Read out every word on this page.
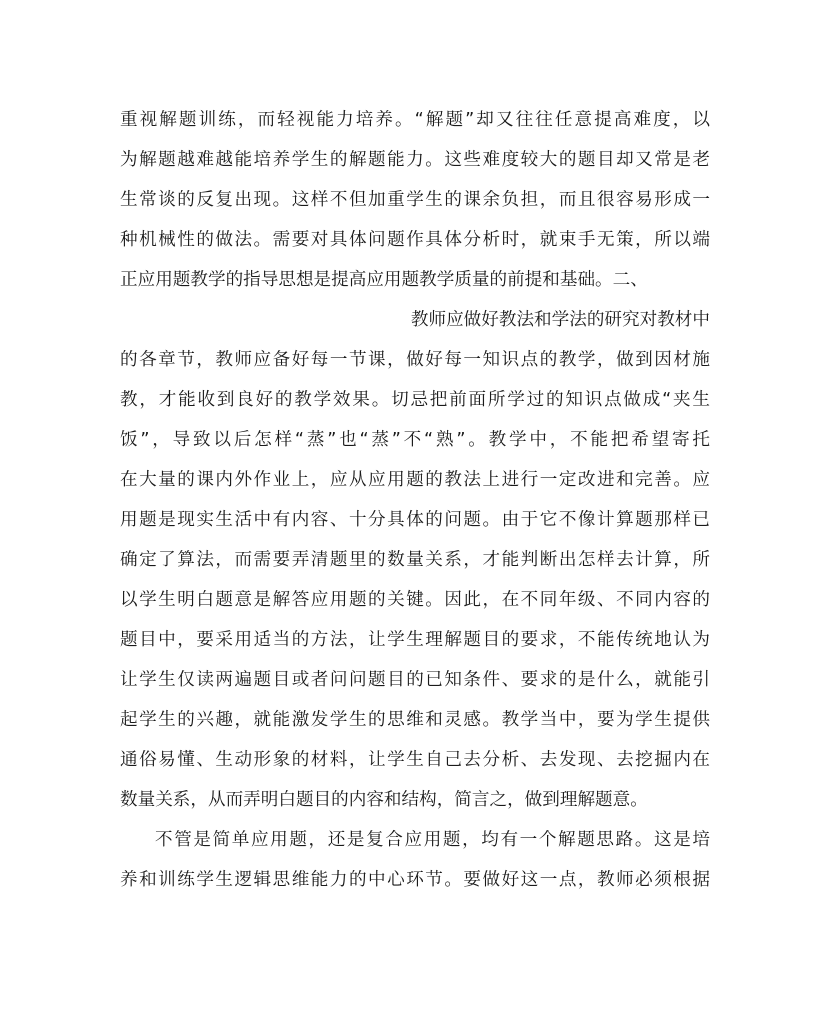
重视解题训练，而轻视能力培养。“解题”却又往往任意提高难度，以
为解题越难越能培养学生的解题能力。这些难度较大的题目却又常是老
生常谈的反复出现。这样不但加重学生的课余负担，而且很容易形成一
种机械性的做法。需要对具体问题作具体分析时，就束手无策，所以端
正应用题教学的指导思想是提高应用题教学质量的前提和基础。二、
教师应做好教法和学法的研究对教材中
的各章节，教师应备好每一节课，做好每一知识点的教学，做到因材施
教，才能收到良好的教学效果。切忌把前面所学过的知识点做成“夹生
饭”，导致以后怎样“蒸”也“蒸”不“熟”。教学中，不能把希望寄托
在大量的课内外作业上，应从应用题的教法上进行一定改进和完善。应
用题是现实生活中有内容、十分具体的问题。由于它不像计算题那样已
确定了算法，而需要弄清题里的数量关系，才能判断出怎样去计算，所
以学生明白题意是解答应用题的关键。因此，在不同年级、不同内容的
题目中，要采用适当的方法，让学生理解题目的要求，不能传统地认为
让学生仅读两遍题目或者问问题目的已知条件、要求的是什么，就能引
起学生的兴趣，就能激发学生的思维和灵感。教学当中，要为学生提供
通俗易懂、生动形象的材料，让学生自己去分析、去发现、去挖掘内在
数量关系，从而弄明白题目的内容和结构，简言之，做到理解题意。
不管是简单应用题，还是复合应用题，均有一个解题思路。这是培
养和训练学生逻辑思维能力的中心环节。要做好这一点，教师必须根据
